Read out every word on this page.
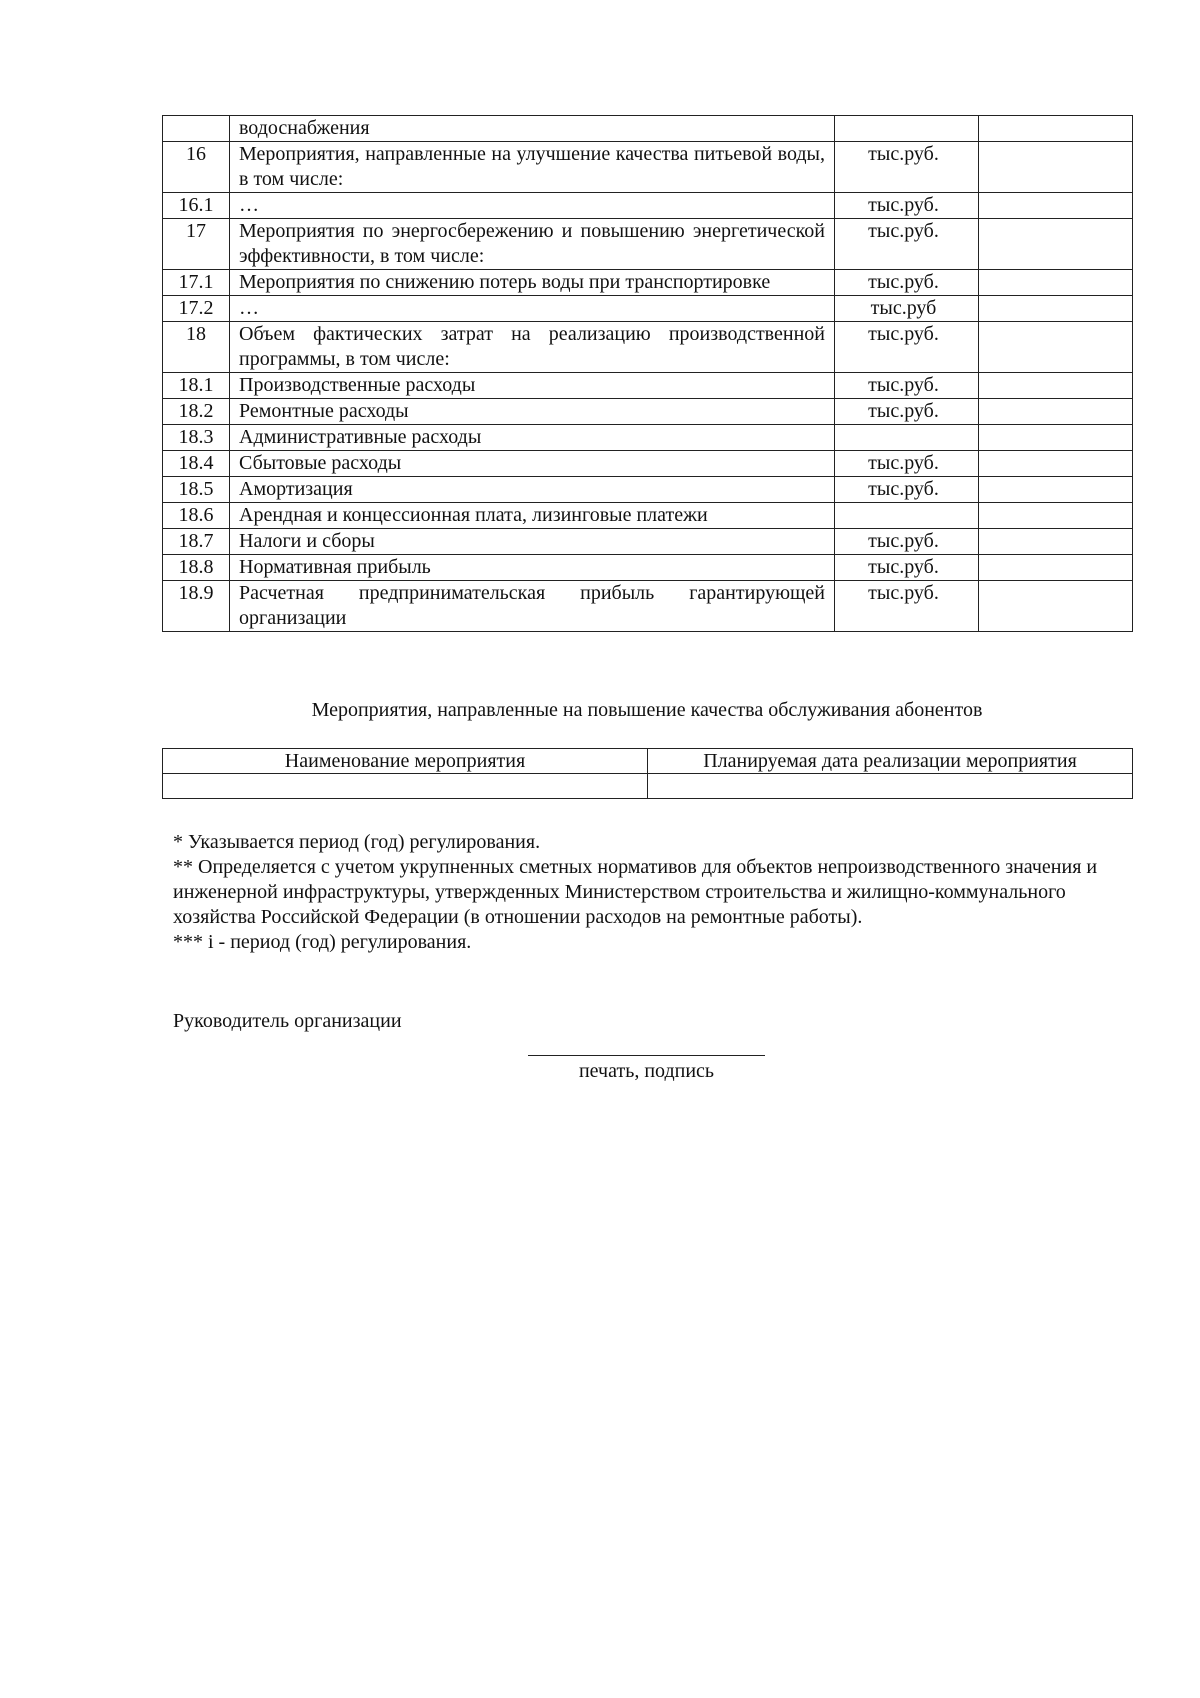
	водоснабжения		
16	Мероприятия, направленные на улучшение качества питьевой воды, в том числе:	тыс.руб.	
16.1	…	тыс.руб.	
17	Мероприятия по энергосбережению и повышению энергетической эффективности, в том числе:	тыс.руб.	
17.1	Мероприятия по снижению потерь воды при транспортировке	тыс.руб.	
17.2	…	тыс.руб	
18	Объем фактических затрат на реализацию производственной программы, в том числе:	тыс.руб.	
18.1	Производственные расходы	тыс.руб.	
18.2	Ремонтные расходы	тыс.руб.	
18.3	Административные расходы		
18.4	Сбытовые расходы	тыс.руб.	
18.5	Амортизация	тыс.руб.	
18.6	Арендная и концессионная плата, лизинговые платежи		
18.7	Налоги и сборы	тыс.руб.	
18.8	Нормативная прибыль	тыс.руб.	
18.9	Расчетная предпринимательская прибыль гарантирующей организации	тыс.руб.	
Мероприятия, направленные на повышение качества обслуживания абонентов
Наименование мероприятия	Планируемая дата реализации мероприятия

* Указывается период (год) регулирования.

** Определяется с учетом укрупненных сметных нормативов для объектов непроизводственного значения и инженерной инфраструктуры, утвержденных Министерством строительства и жилищно-коммунального хозяйства Российской Федерации (в отношении расходов на ремонтные работы).

*** i - период (год) регулирования.

Руководитель организации
печать, подпись
